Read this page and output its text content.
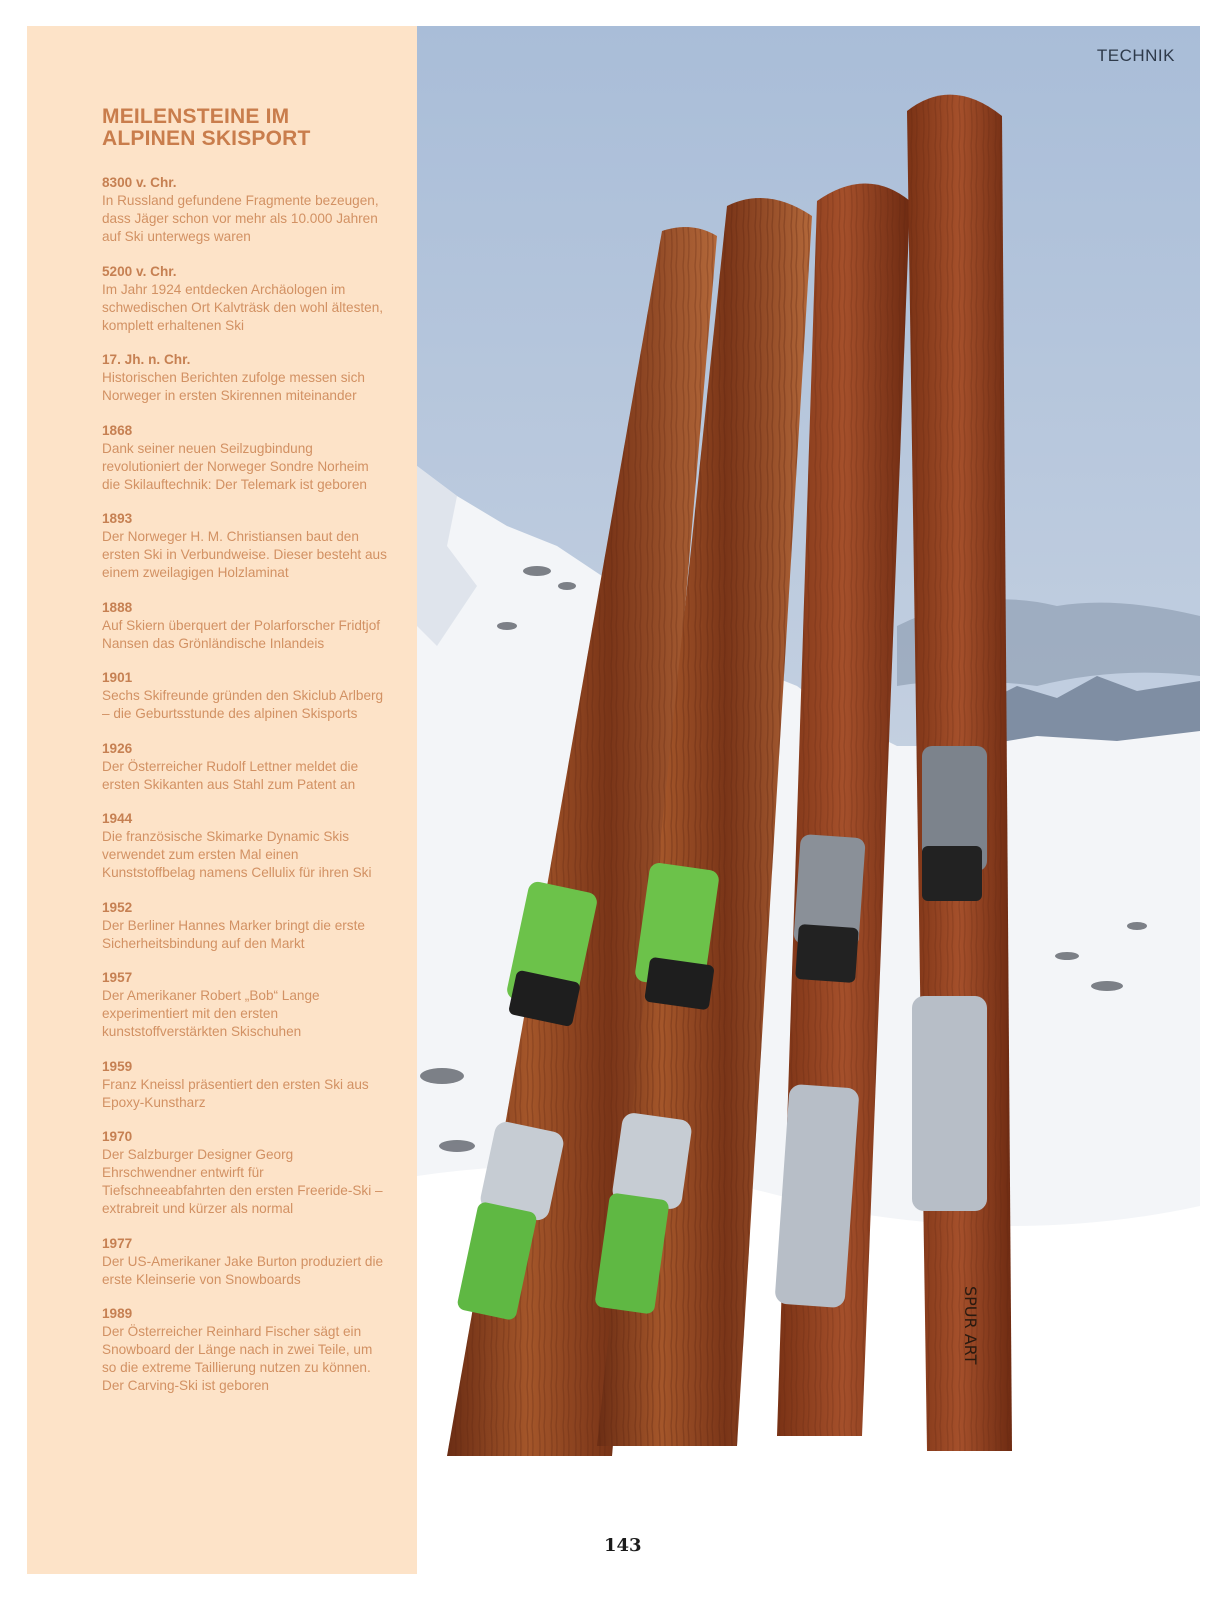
MEILENSTEINE IM ALPINEN SKISPORT
8300 v. Chr.
In Russland gefundene Fragmente bezeugen, dass Jäger schon vor mehr als 10.000 Jahren auf Ski unterwegs waren
5200 v. Chr.
Im Jahr 1924 entdecken Archäologen im schwedischen Ort Kalvträsk den wohl ältesten, komplett erhaltenen Ski
17. Jh. n. Chr.
Historischen Berichten zufolge messen sich Norweger in ersten Skirennen miteinander
1868
Dank seiner neuen Seilzugbindung revolutioniert der Norweger Sondre Norheim die Skilauftechnik: Der Telemark ist geboren
1893
Der Norweger H. M. Christiansen baut den ersten Ski in Verbundweise. Dieser besteht aus einem zweilagigen Holzlaminat
1888
Auf Skiern überquert der Polarforscher Fridtjof Nansen das Grönländische Inlandeis
1901
Sechs Skifreunde gründen den Skiclub Arlberg – die Geburtsstunde des alpinen Skisports
1926
Der Österreicher Rudolf Lettner meldet die ersten Skikanten aus Stahl zum Patent an
1944
Die französische Skimarke Dynamic Skis verwendet zum ersten Mal einen Kunststoffbelag namens Cellulix für ihren Ski
1952
Der Berliner Hannes Marker bringt die erste Sicherheitsbindung auf den Markt
1957
Der Amerikaner Robert „Bob“ Lange experimentiert mit den ersten kunststoffverstärkten Skischuhen
1959
Franz Kneissl präsentiert den ersten Ski aus Epoxy-Kunstharz
1970
Der Salzburger Designer Georg Ehrschwendner entwirft für Tiefschneeabfahrten den ersten Freeride-Ski – extrabreit und kürzer als normal
1977
Der US-Amerikaner Jake Burton produziert die erste Kleinserie von Snowboards
1989
Der Österreicher Reinhard Fischer sägt ein Snowboard der Länge nach in zwei Teile, um so die extreme Taillierung nutzen zu können. Der Carving-Ski ist geboren
SPUR ART
TECHNIK
143
